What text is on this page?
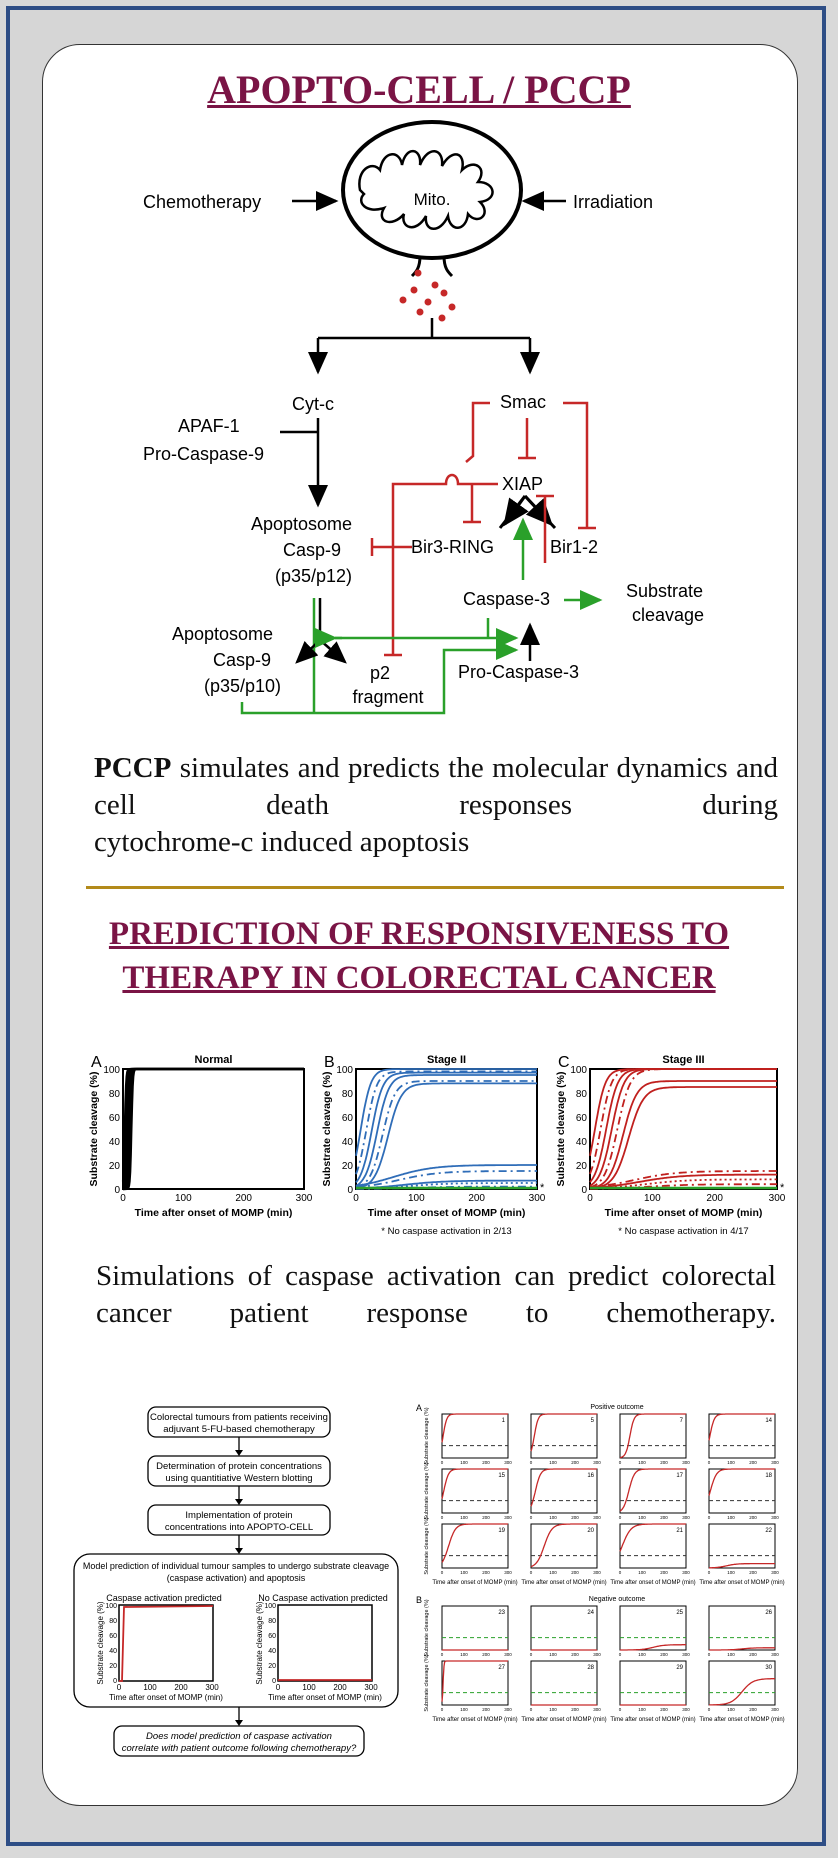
APOPTO-CELL / PCCP
Mito.
Chemotherapy	Irradiation
Cyt-c	Smac
APAF-1
Pro-Caspase-9
XIAP
Apoptosome
Casp-9
(p35/p12)
Bir3-RING	Bir1-2
Caspase-3	Substrate
cleavage
Apoptosome
Casp-9
(p35/p10)
p2
fragment
Pro-Caspase-3
PCCP simulates and predicts the molecular dynamics and cell death responses during
cytochrome-c induced apoptosis
PREDICTION OF RESPONSIVENESS TO
THERAPY IN COLORECTAL CANCER
A	Normal
0
20
40
60
80
100
0	100	200	300
Time after onset of MOMP (min)
Substrate cleavage (%)
B	Stage II
0
20
40
60
80
100
0	100	200	300
Time after onset of MOMP (min)
Substrate cleavage (%)
* No caspase activation in 2/13
*
C	Stage III
0
20
40
60
80
100
0	100	200	300
Time after onset of MOMP (min)
Substrate cleavage (%)
* No caspase activation in 4/17
*
Simulations of caspase activation can predict colorectal cancer patient response to chemotherapy.
Colorectal tumours from patients receiving
adjuvant 5-FU-based chemotherapy
Determination of protein concentrations
using quantitiative Western blotting
Implementation of protein
concentrations into APOPTO-CELL
Model prediction of individual tumour samples to undergo substrate cleavage
(caspase activation) and apoptosis
Caspase activation predicted
0
20
40
60
80
100
0	100 200 300
Time after onset of MOMP (min)
Substrate cleavage (%)
No Caspase activation predicted
0
20
40
60
80
100
0	100 200 300
Time after onset of MOMP (min)
Substrate cleavage (%)
Does model prediction of caspase activation
correlate with patient outcome following chemotherapy?
A
B
Positive outcome
Negative outcome
1
0	100	200	300
5
0	100	200	300
7
0	100	200	300
14
0	100	200	300
15
0	100	200	300
16
0	100	200	300
17
0	100	200	300
18
0	100	200	300
19
0	100	200	300
20
0	100	200	300
21
0	100	200	300
22
0	100	200	300
23
0	100	200	300
24
0	100	200	300
25
0	100	200	300
26
0	100	200	300
27
0	100	200	300
28
0	100	200	300
29
0	100	200	300
30
0	100	200	300
Substrate cleavage (%)
Substrate cleavage (%)
Substrate cleavage (%)
Substrate cleavage (%)
Substrate cleavage (%)
Time after onset of MOMP (min)
Time after onset of MOMP (min)
Time after onset of MOMP (min)
Time after onset of MOMP (min)
Time after onset of MOMP (min)
Time after onset of MOMP (min)
Time after onset of MOMP (min)
Time after onset of MOMP (min)
